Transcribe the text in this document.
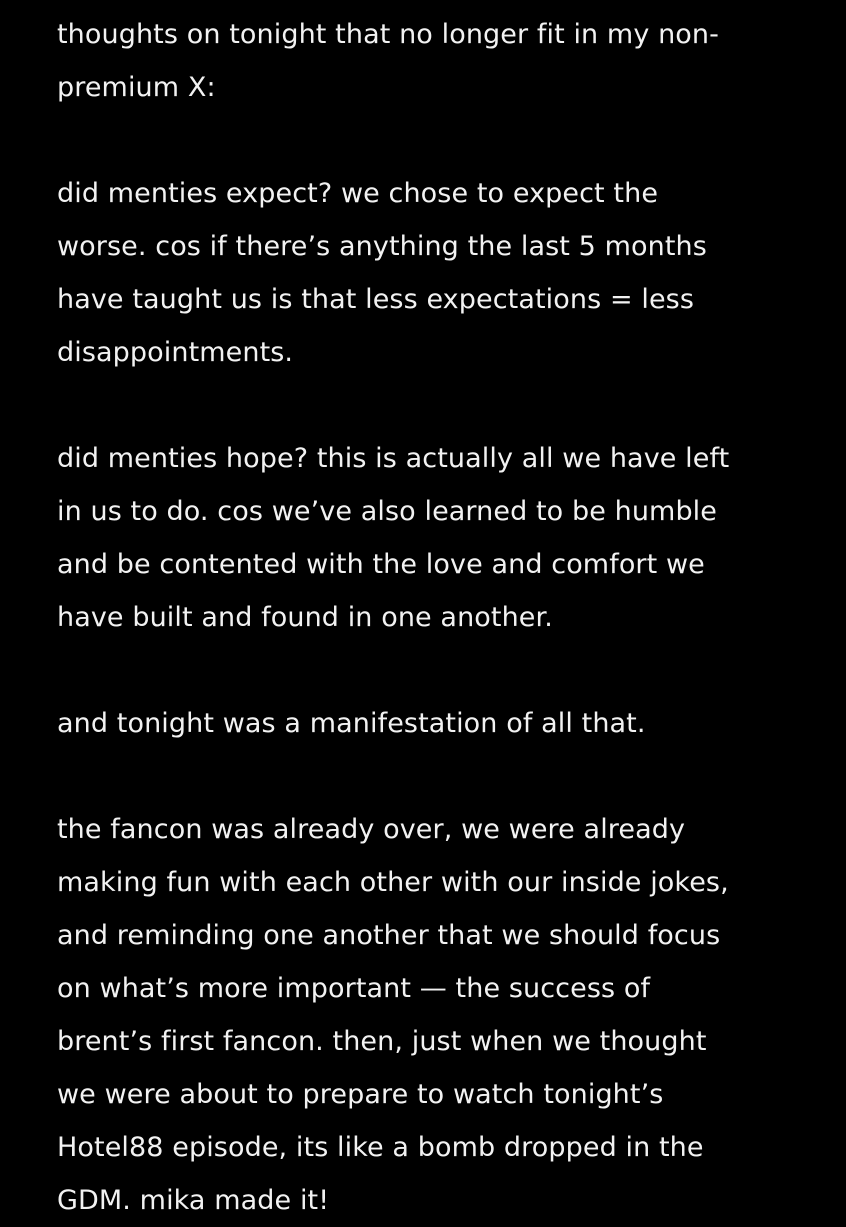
thoughts on tonight that no longer fit in my non-
premium X:
did menties expect? we chose to expect the
worse. cos if there’s anything the last 5 months
have taught us is that less expectations = less
disappointments.
did menties hope? this is actually all we have left
in us to do. cos we’ve also learned to be humble
and be contented with the love and comfort we
have built and found in one another.
and tonight was a manifestation of all that.
the fancon was already over, we were already
making fun with each other with our inside jokes,
and reminding one another that we should focus
on what’s more important — the success of
brent’s first fancon. then, just when we thought
we were about to prepare to watch tonight’s
Hotel88 episode, its like a bomb dropped in the
GDM. mika made it!
